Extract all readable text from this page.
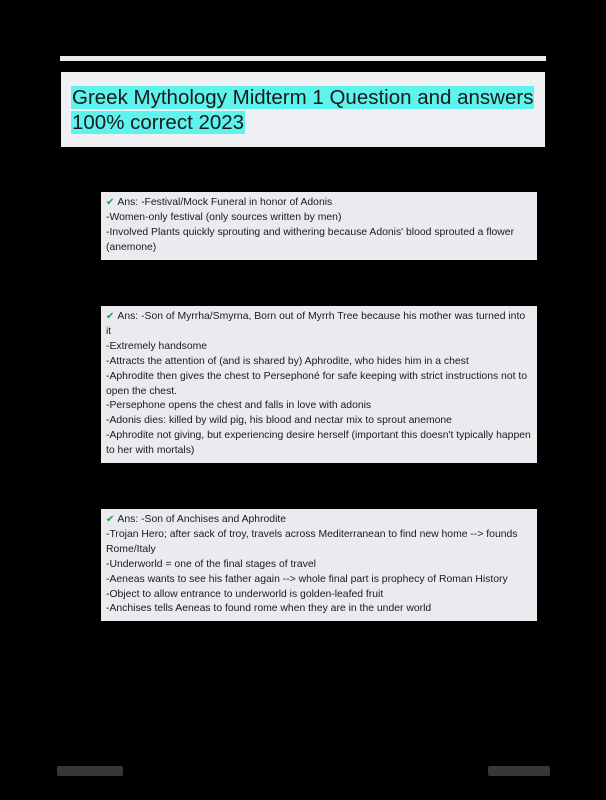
Greek Mythology Midterm 1 Question and answers 100% correct 2023

✔ Ans: -Festival/Mock Funeral in honor of Adonis

-Women-only festival (only sources written by men)

-Involved Plants quickly sprouting and withering because Adonis' blood sprouted a flower (anemone)

✔ Ans: -Son of Myrrha/Smyrna, Born out of Myrrh Tree because his mother was turned into it

-Extremely handsome

-Attracts the attention of (and is shared by) Aphrodite, who hides him in a chest

-Aphrodite then gives the chest to Persephoné for safe keeping with strict instructions not to open the chest.

-Persephone opens the chest and falls in love with adonis

-Adonis dies: killed by wild pig, his blood and nectar mix to sprout anemone

-Aphrodite not giving, but experiencing desire herself (important this doesn't typically happen to her with mortals)

✔ Ans: -Son of Anchises and Aphrodite

-Trojan Hero; after sack of troy, travels across Mediterranean to find new home --> founds Rome/Italy

-Underworld = one of the final stages of travel

-Aeneas wants to see his father again --> whole final part is prophecy of Roman History

-Object to allow entrance to underworld is golden-leafed fruit

-Anchises tells Aeneas to found rome when they are in the under world
